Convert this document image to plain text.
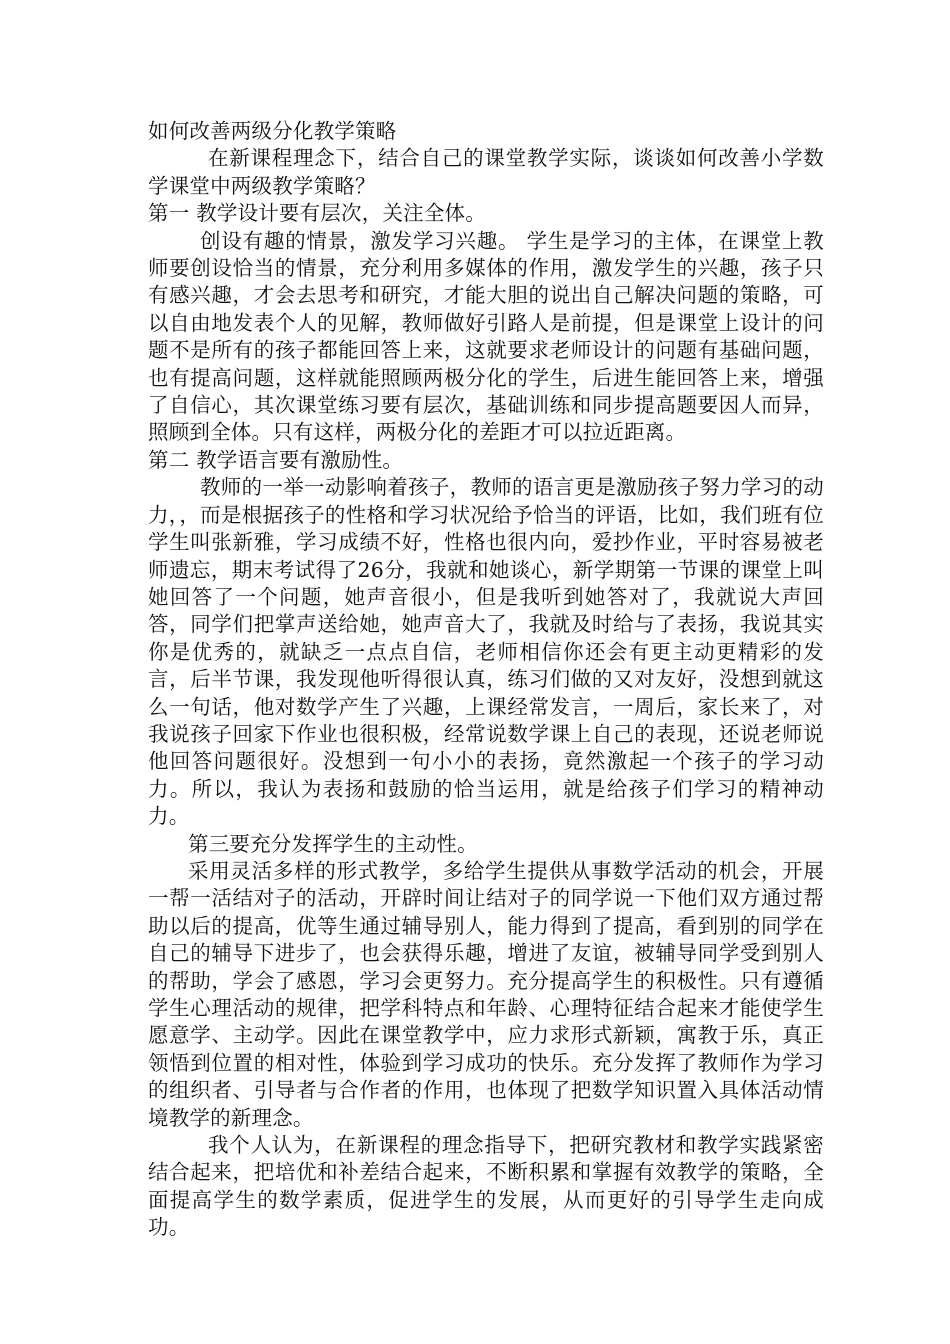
如何改善两级分化教学策略

在新课程理念下，结合自己的课堂教学实际，谈谈如何改善小学数学课堂中两级教学策略？

第一 教学设计要有层次，关注全体。

创设有趣的情景，激发学习兴趣。 学生是学习的主体，在课堂上教师要创设恰当的情景，充分利用多媒体的作用，激发学生的兴趣，孩子只有感兴趣，才会去思考和研究，才能大胆的说出自己解决问题的策略，可以自由地发表个人的见解，教师做好引路人是前提，但是课堂上设计的问题不是所有的孩子都能回答上来，这就要求老师设计的问题有基础问题，也有提高问题，这样就能照顾两极分化的学生，后进生能回答上来，增强了自信心，其次课堂练习要有层次，基础训练和同步提高题要因人而异，照顾到全体。只有这样，两极分化的差距才可以拉近距离。

第二 教学语言要有激励性。

教师的一举一动影响着孩子，教师的语言更是激励孩子努力学习的动力，，而是根据孩子的性格和学习状况给予恰当的评语，比如，我们班有位学生叫张新雅，学习成绩不好，性格也很内向，爱抄作业，平时容易被老师遗忘，期末考试得了26分，我就和她谈心，新学期第一节课的课堂上叫她回答了一个问题，她声音很小，但是我听到她答对了，我就说大声回答，同学们把掌声送给她，她声音大了，我就及时给与了表扬，我说其实你是优秀的，就缺乏一点点自信，老师相信你还会有更主动更精彩的发言，后半节课，我发现他听得很认真，练习们做的又对友好，没想到就这么一句话，他对数学产生了兴趣，上课经常发言，一周后，家长来了，对我说孩子回家下作业也很积极，经常说数学课上自己的表现，还说老师说他回答问题很好。没想到一句小小的表扬，竟然激起一个孩子的学习动力。所以，我认为表扬和鼓励的恰当运用，就是给孩子们学习的精神动力。

第三要充分发挥学生的主动性。

采用灵活多样的形式教学，多给学生提供从事数学活动的机会，开展一帮一活结对子的活动，开辟时间让结对子的同学说一下他们双方通过帮助以后的提高，优等生通过辅导别人，能力得到了提高，看到别的同学在自己的辅导下进步了，也会获得乐趣，增进了友谊，被辅导同学受到别人的帮助，学会了感恩，学习会更努力。充分提高学生的积极性。只有遵循学生心理活动的规律，把学科特点和年龄、心理特征结合起来才能使学生愿意学、主动学。因此在课堂教学中，应力求形式新颖，寓教于乐，真正领悟到位置的相对性，体验到学习成功的快乐。充分发挥了教师作为学习的组织者、引导者与合作者的作用，也体现了把数学知识置入具体活动情境教学的新理念。

我个人认为，在新课程的理念指导下，把研究教材和教学实践紧密结合起来，把培优和补差结合起来，不断积累和掌握有效教学的策略，全面提高学生的数学素质，促进学生的发展，从而更好的引导学生走向成功。
